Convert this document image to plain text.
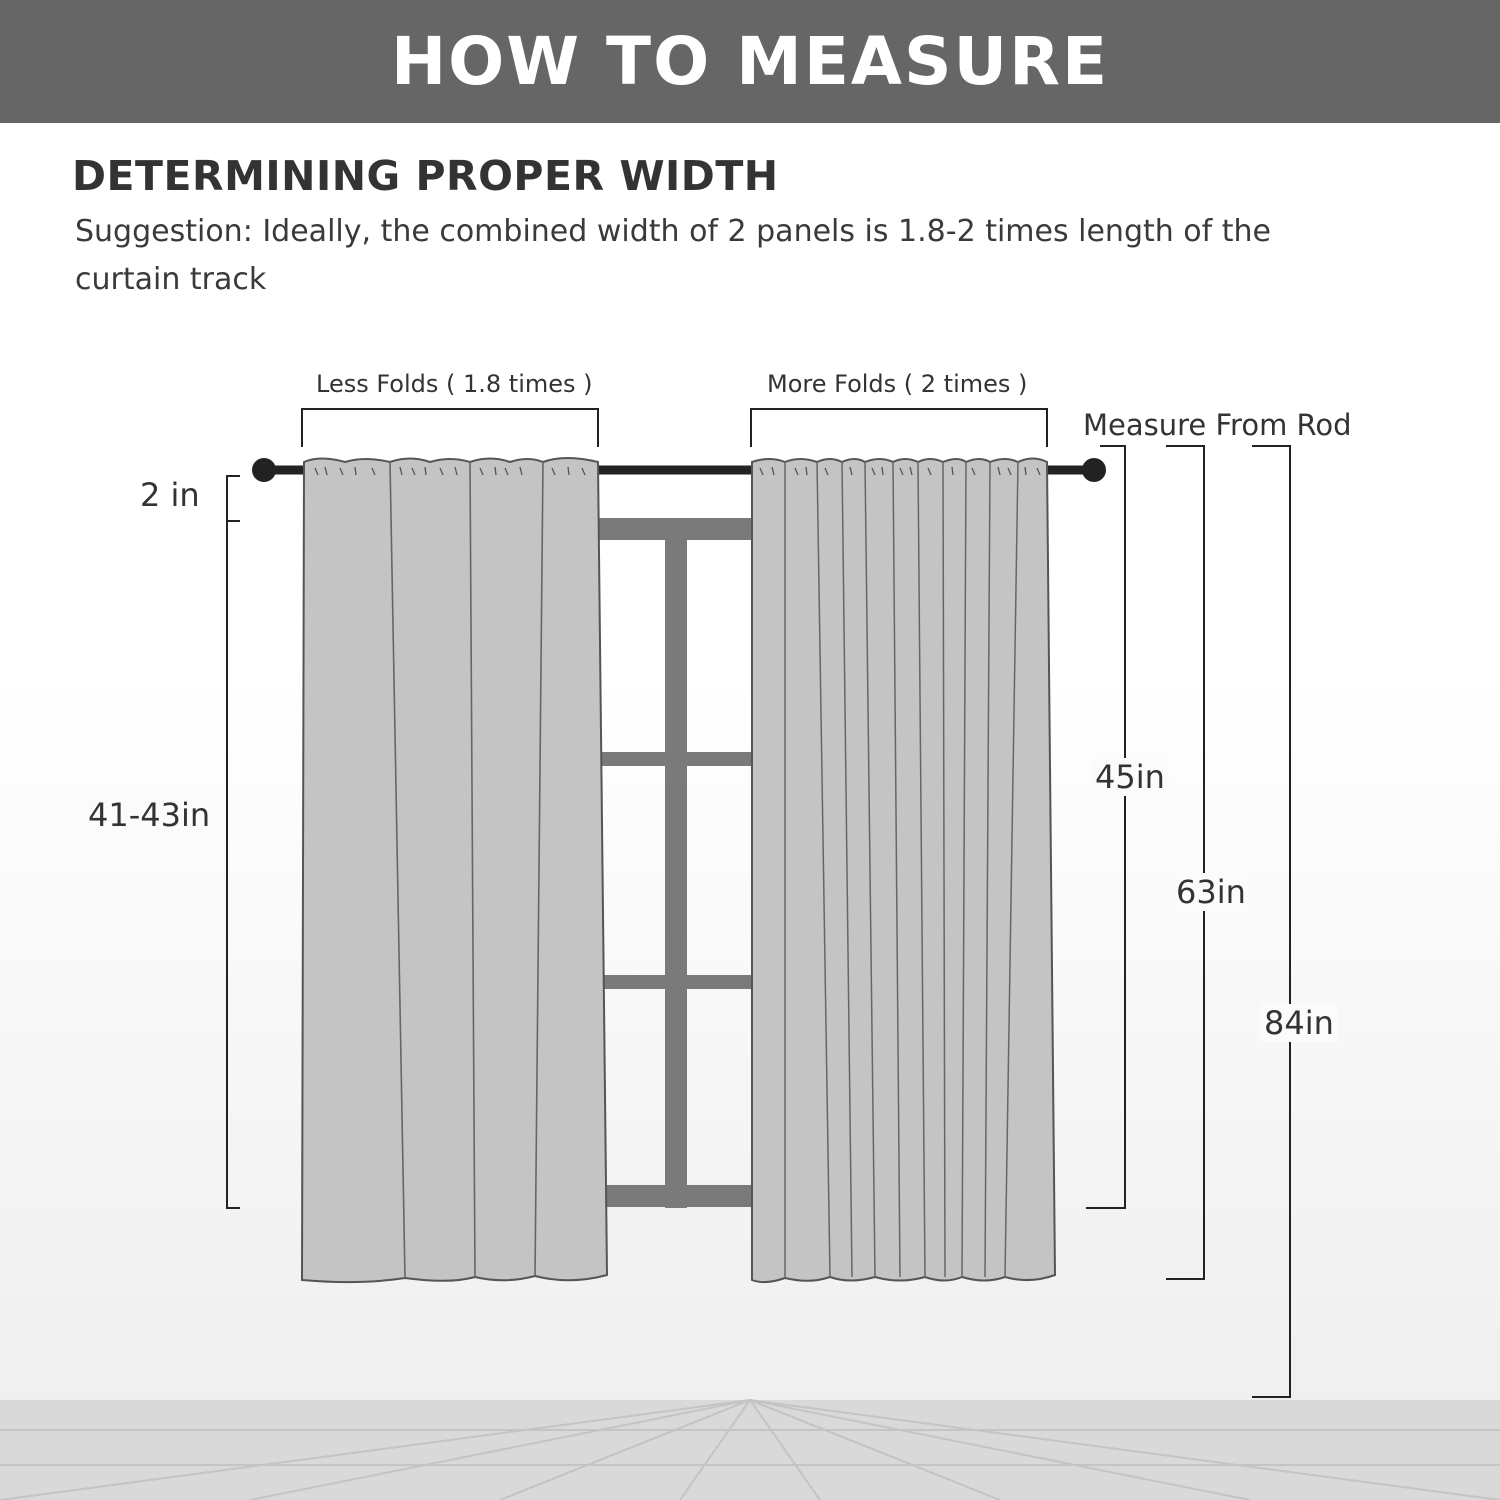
HOW TO MEASURE
DETERMINING PROPER WIDTH

Suggestion: Ideally, the combined width of 2 panels is 1.8-2 times length of the curtain track

Less Folds ( 1.8 times )	More Folds ( 2 times )
Measure From Rod
2 in
41-43in
45in
63in
84in
